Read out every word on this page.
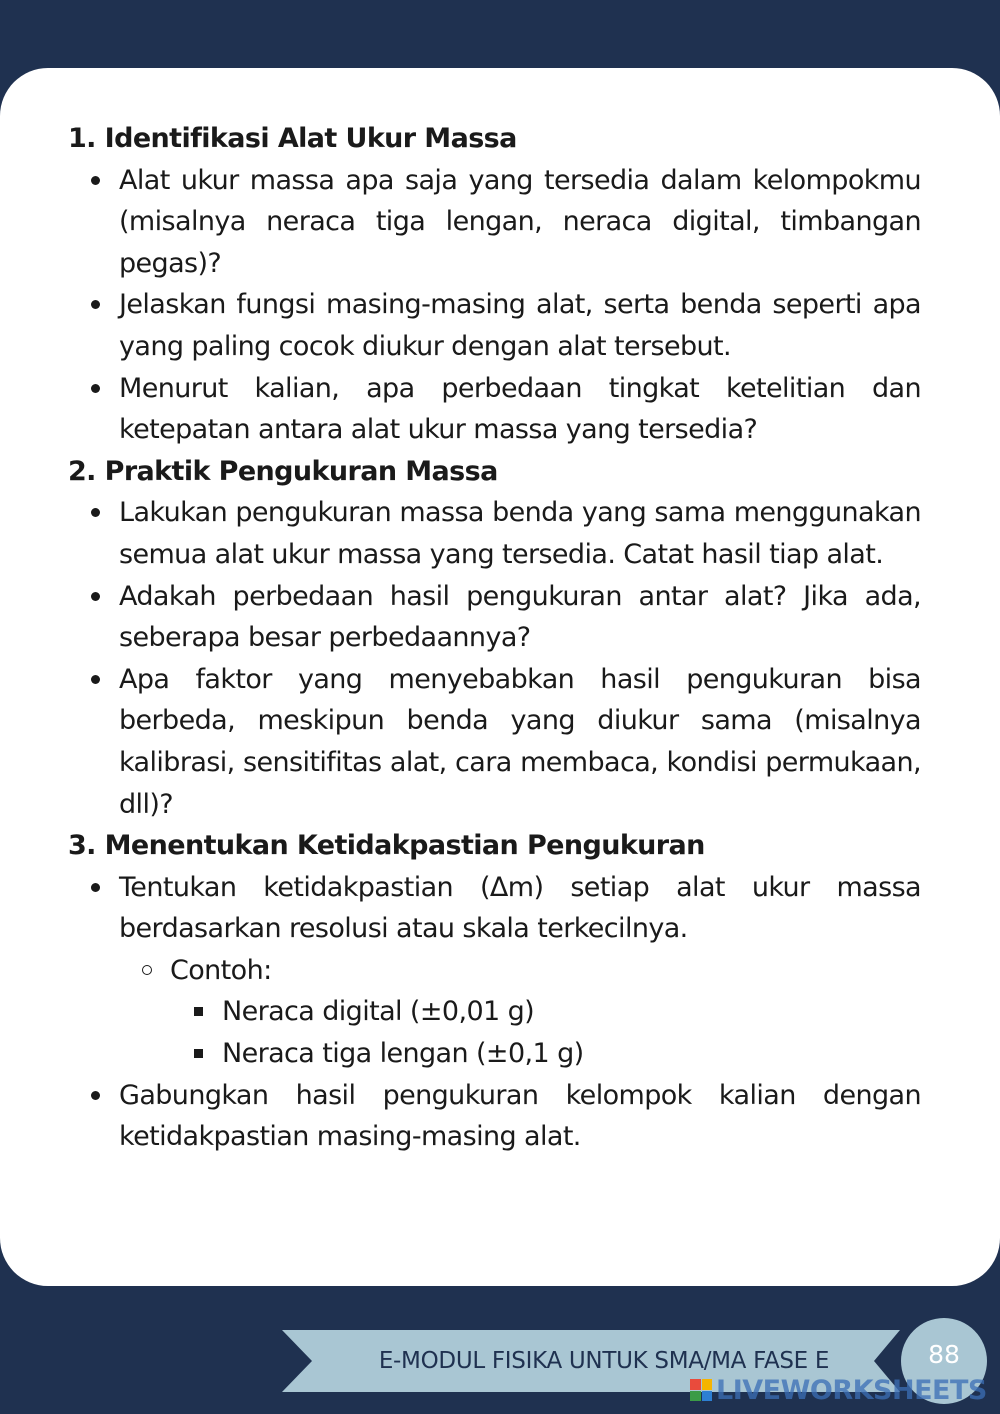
1. Identifikasi Alat Ukur Massa
Alat ukur massa apa saja yang tersedia dalam kelompokmu (misalnya neraca tiga lengan, neraca digital, timbangan pegas)?
Jelaskan fungsi masing-masing alat, serta benda seperti apa yang paling cocok diukur dengan alat tersebut.
Menurut kalian, apa perbedaan tingkat ketelitian dan ketepatan antara alat ukur massa yang tersedia?
2. Praktik Pengukuran Massa
Lakukan pengukuran massa benda yang sama menggunakan semua alat ukur massa yang tersedia. Catat hasil tiap alat.
Adakah perbedaan hasil pengukuran antar alat? Jika ada, seberapa besar perbedaannya?
Apa faktor yang menyebabkan hasil pengukuran bisa berbeda, meskipun benda yang diukur sama (misalnya kalibrasi, sensitifitas alat, cara membaca, kondisi permukaan, dll)?
3. Menentukan Ketidakpastian Pengukuran
Tentukan ketidakpastian (Δm) setiap alat ukur massa berdasarkan resolusi atau skala terkecilnya.
Contoh:
Neraca digital (±0,01 g)
Neraca tiga lengan (±0,1 g)
Gabungkan hasil pengukuran kelompok kalian dengan ketidakpastian masing-masing alat.
E-MODUL FISIKA UNTUK SMA/MA FASE E	88
LIVEWORKSHEETS
